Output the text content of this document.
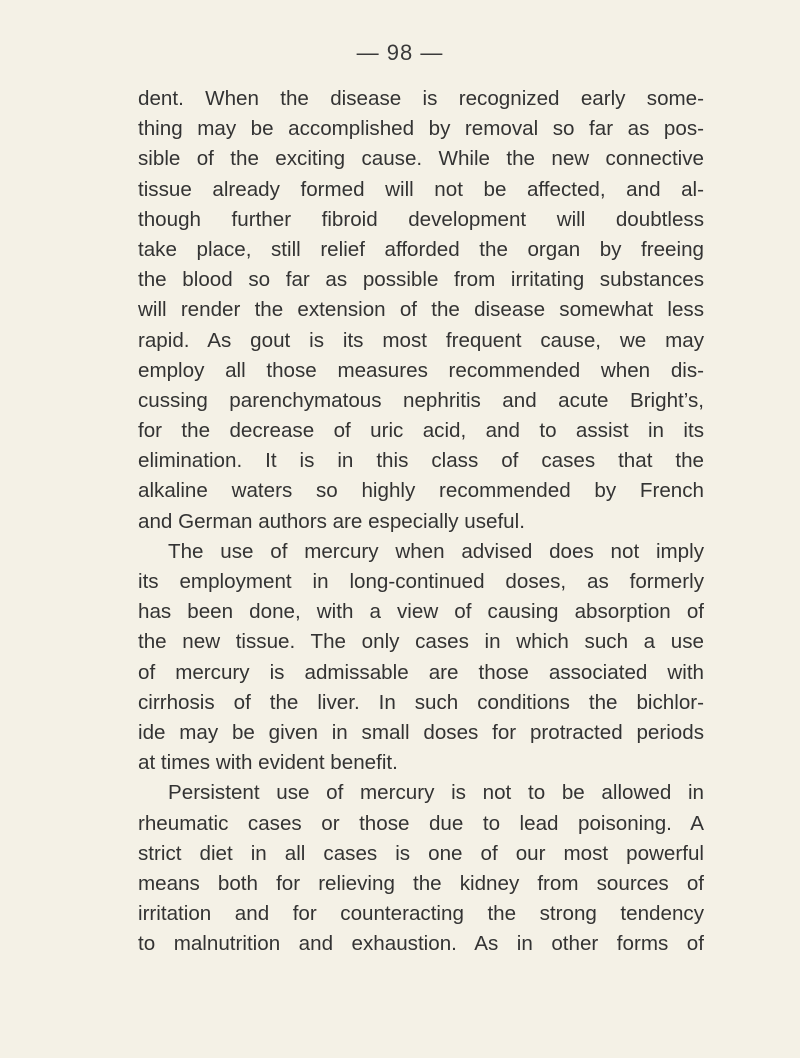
— 98 —
dent. When the disease is recognized early some-
thing may be accomplished by removal so far as pos-
sible of the exciting cause. While the new connective
tissue already formed will not be affected, and al-
though further fibroid development will doubtless
take place, still relief afforded the organ by freeing
the blood so far as possible from irritating substances
will render the extension of the disease somewhat less
rapid. As gout is its most frequent cause, we may
employ all those measures recommended when dis-
cussing parenchymatous nephritis and acute Bright’s,
for the decrease of uric acid, and to assist in its
elimination. It is in this class of cases that the
alkaline waters so highly recommended by French
and German authors are especially useful.
The use of mercury when advised does not imply
its employment in long-continued doses, as formerly
has been done, with a view of causing absorption of
the new tissue. The only cases in which such a use
of mercury is admissable are those associated with
cirrhosis of the liver. In such conditions the bichlor-
ide may be given in small doses for protracted periods
at times with evident benefit.
Persistent use of mercury is not to be allowed in
rheumatic cases or those due to lead poisoning. A
strict diet in all cases is one of our most powerful
means both for relieving the kidney from sources of
irritation and for counteracting the strong tendency
to malnutrition and exhaustion. As in other forms of
